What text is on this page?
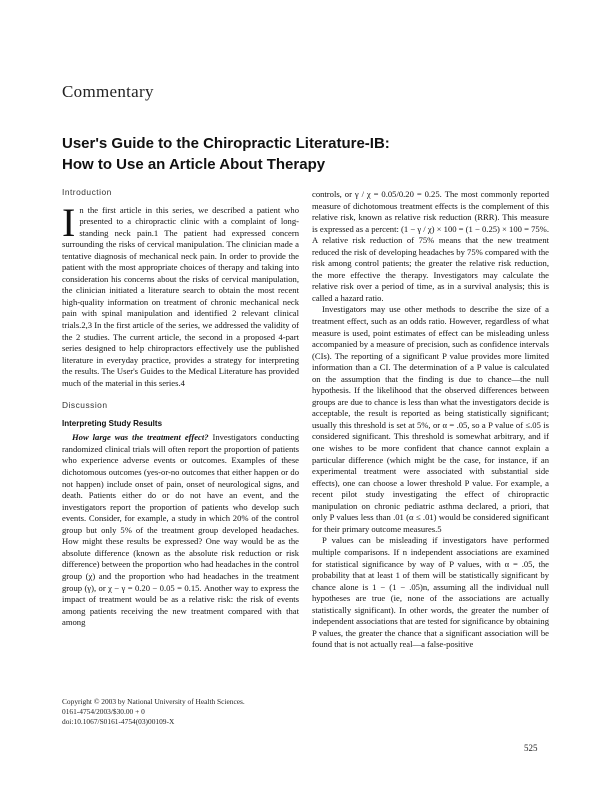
Commentary
User's Guide to the Chiropractic Literature-IB:
How to Use an Article About Therapy
Introduction

In the first article in this series, we described a patient who presented to a chiropractic clinic with a complaint of long-standing neck pain.1 The patient had expressed concern surrounding the risks of cervical manipulation. The clinician made a tentative diagnosis of mechanical neck pain. In order to provide the patient with the most appropriate choices of therapy and taking into consideration his concerns about the risks of cervical manipulation, the clinician initiated a literature search to obtain the most recent high-quality information on treatment of chronic mechanical neck pain with spinal manipulation and identified 2 relevant clinical trials.2,3 In the first article of the series, we addressed the validity of the 2 studies. The current article, the second in a proposed 4-part series designed to help chiropractors effectively use the published literature in everyday practice, provides a strategy for interpreting the results. The User's Guides to the Medical Literature has provided much of the material in this series.4

Discussion
Interpreting Study Results

How large was the treatment effect? Investigators conducting randomized clinical trials will often report the proportion of patients who experience adverse events or outcomes. Examples of these dichotomous outcomes (yes-or-no outcomes that either happen or do not happen) include onset of pain, onset of neurological signs, and death. Patients either do or do not have an event, and the investigators report the proportion of patients who develop such events. Consider, for example, a study in which 20% of the control group but only 5% of the treatment group developed headaches. How might these results be expressed? One way would be as the absolute difference (known as the absolute risk reduction or risk difference) between the proportion who had headaches in the control group (χ) and the proportion who had headaches in the treatment group (γ), or χ − γ = 0.20 − 0.05 = 0.15. Another way to express the impact of treatment would be as a relative risk: the risk of events among patients receiving the new treatment compared with that among

controls, or γ / χ = 0.05/0.20 = 0.25. The most commonly reported measure of dichotomous treatment effects is the complement of this relative risk, known as relative risk reduction (RRR). This measure is expressed as a percent: (1 − γ / χ) × 100 = (1 − 0.25) × 100 = 75%. A relative risk reduction of 75% means that the new treatment reduced the risk of developing headaches by 75% compared with the risk among control patients; the greater the relative risk reduction, the more effective the therapy. Investigators may calculate the relative risk over a period of time, as in a survival analysis; this is called a hazard ratio.

Investigators may use other methods to describe the size of a treatment effect, such as an odds ratio. However, regardless of what measure is used, point estimates of effect can be misleading unless accompanied by a measure of precision, such as confidence intervals (CIs). The reporting of a significant P value provides more limited information than a CI. The determination of a P value is calculated on the assumption that the finding is due to chance—the null hypothesis. If the likelihood that the observed differences between groups are due to chance is less than what the investigators decide is acceptable, the result is reported as being statistically significant; usually this threshold is set at 5%, or α = .05, so a P value of ≤.05 is considered significant. This threshold is somewhat arbitrary, and if one wishes to be more confident that chance cannot explain a particular difference (which might be the case, for instance, if an experimental treatment were associated with substantial side effects), one can choose a lower threshold P value. For example, a recent pilot study investigating the effect of chiropractic manipulation on chronic pediatric asthma declared, a priori, that only P values less than .01 (α ≤ .01) would be considered significant for their primary outcome measures.5

P values can be misleading if investigators have performed multiple comparisons. If n independent associations are examined for statistical significance by way of P values, with α = .05, the probability that at least 1 of them will be statistically significant by chance alone is 1 − (1 − .05)n, assuming all the individual null hypotheses are true (ie, none of the associations are actually statistically significant). In other words, the greater the number of independent associations that are tested for significance by obtaining P values, the greater the chance that a significant association will be found that is not actually real—a false-positive

Copyright © 2003 by National University of Health Sciences.
0161-4754/2003/$30.00 + 0
doi:10.1067/S0161-4754(03)00109-X
525
